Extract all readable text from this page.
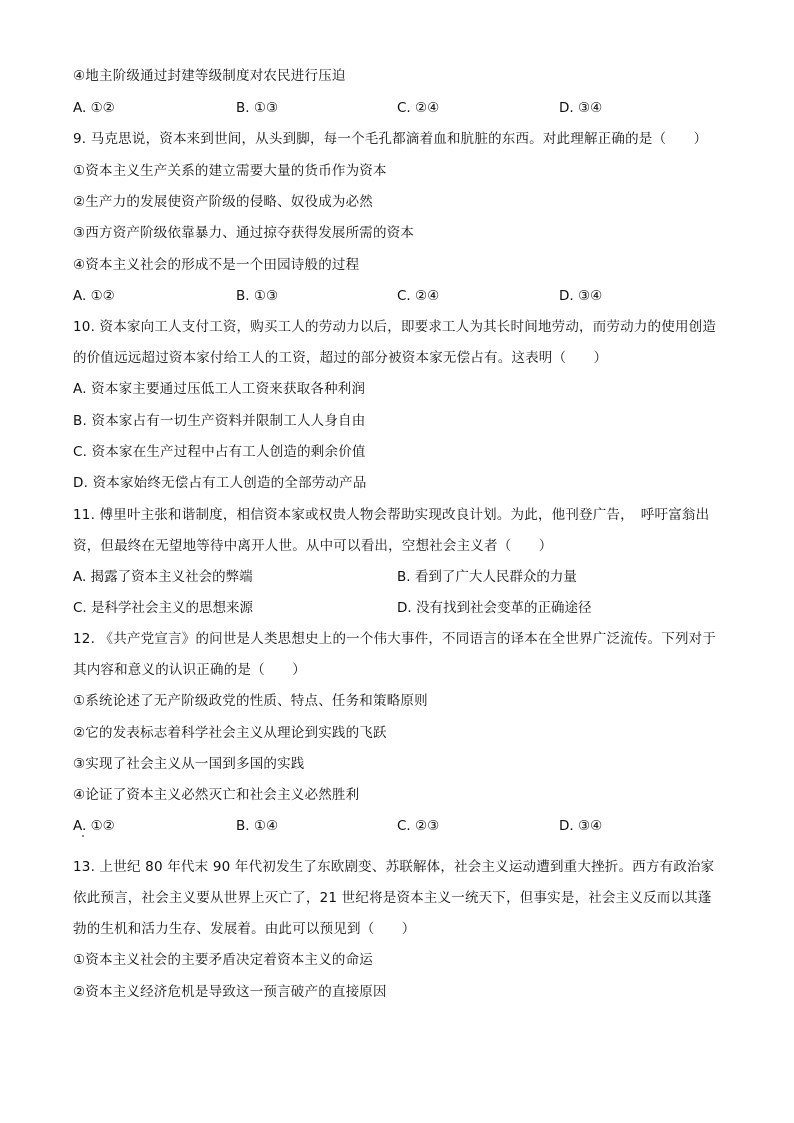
④地主阶级通过封建等级制度对农民进行压迫
A. ①②	B. ①③	C. ②④	D. ③④
9. 马克思说，资本来到世间，从头到脚，每一个毛孔都滴着血和肮脏的东西。对此理解正确的是（　　）
①资本主义生产关系的建立需要大量的货币作为资本
②生产力的发展使资产阶级的侵略、奴役成为必然
③西方资产阶级依靠暴力、通过掠夺获得发展所需的资本
④资本主义社会的形成不是一个田园诗般的过程
A. ①②	B. ①③	C. ②④	D. ③④
10. 资本家向工人支付工资，购买工人的劳动力以后，即要求工人为其长时间地劳动，而劳动力的使用创造
的价值远远超过资本家付给工人的工资，超过的部分被资本家无偿占有。这表明（　　）
A. 资本家主要通过压低工人工资来获取各种利润
B. 资本家占有一切生产资料并限制工人人身自由
C. 资本家在生产过程中占有工人创造的剩余价值
D. 资本家始终无偿占有工人创造的全部劳动产品
11. 傅里叶主张和谐制度，相信资本家或权贵人物会帮助实现改良计划。为此，他刊登广告，　呼吁富翁出
资，但最终在无望地等待中离开人世。从中可以看出，空想社会主义者（　　）
A. 揭露了资本主义社会的弊端	B. 看到了广大人民群众的力量
C. 是科学社会主义的思想来源	D. 没有找到社会变革的正确途径
12. 《共产党宣言》的问世是人类思想史上的一个伟大事件，不同语言的译本在全世界广泛流传。下列对于
其内容和意义的认识正确的是（　　）
①系统论述了无产阶级政党的性质、特点、任务和策略原则
②它的发表标志着科学社会主义从理论到实践的飞跃
③实现了社会主义从一国到多国的实践
④论证了资本主义必然灭亡和社会主义必然胜利
A. ①②	B. ①④	C. ②③	D. ③④
13. 上世纪 80 年代末 90 年代初发生了东欧剧变、苏联解体，社会主义运动遭到重大挫折。西方有政治家
依此预言，社会主义要从世界上灭亡了，21 世纪将是资本主义一统天下，但事实是，社会主义反而以其蓬
勃的生机和活力生存、发展着。由此可以预见到（　　）
①资本主义社会的主要矛盾决定着资本主义的命运
②资本主义经济危机是导致这一预言破产的直接原因
